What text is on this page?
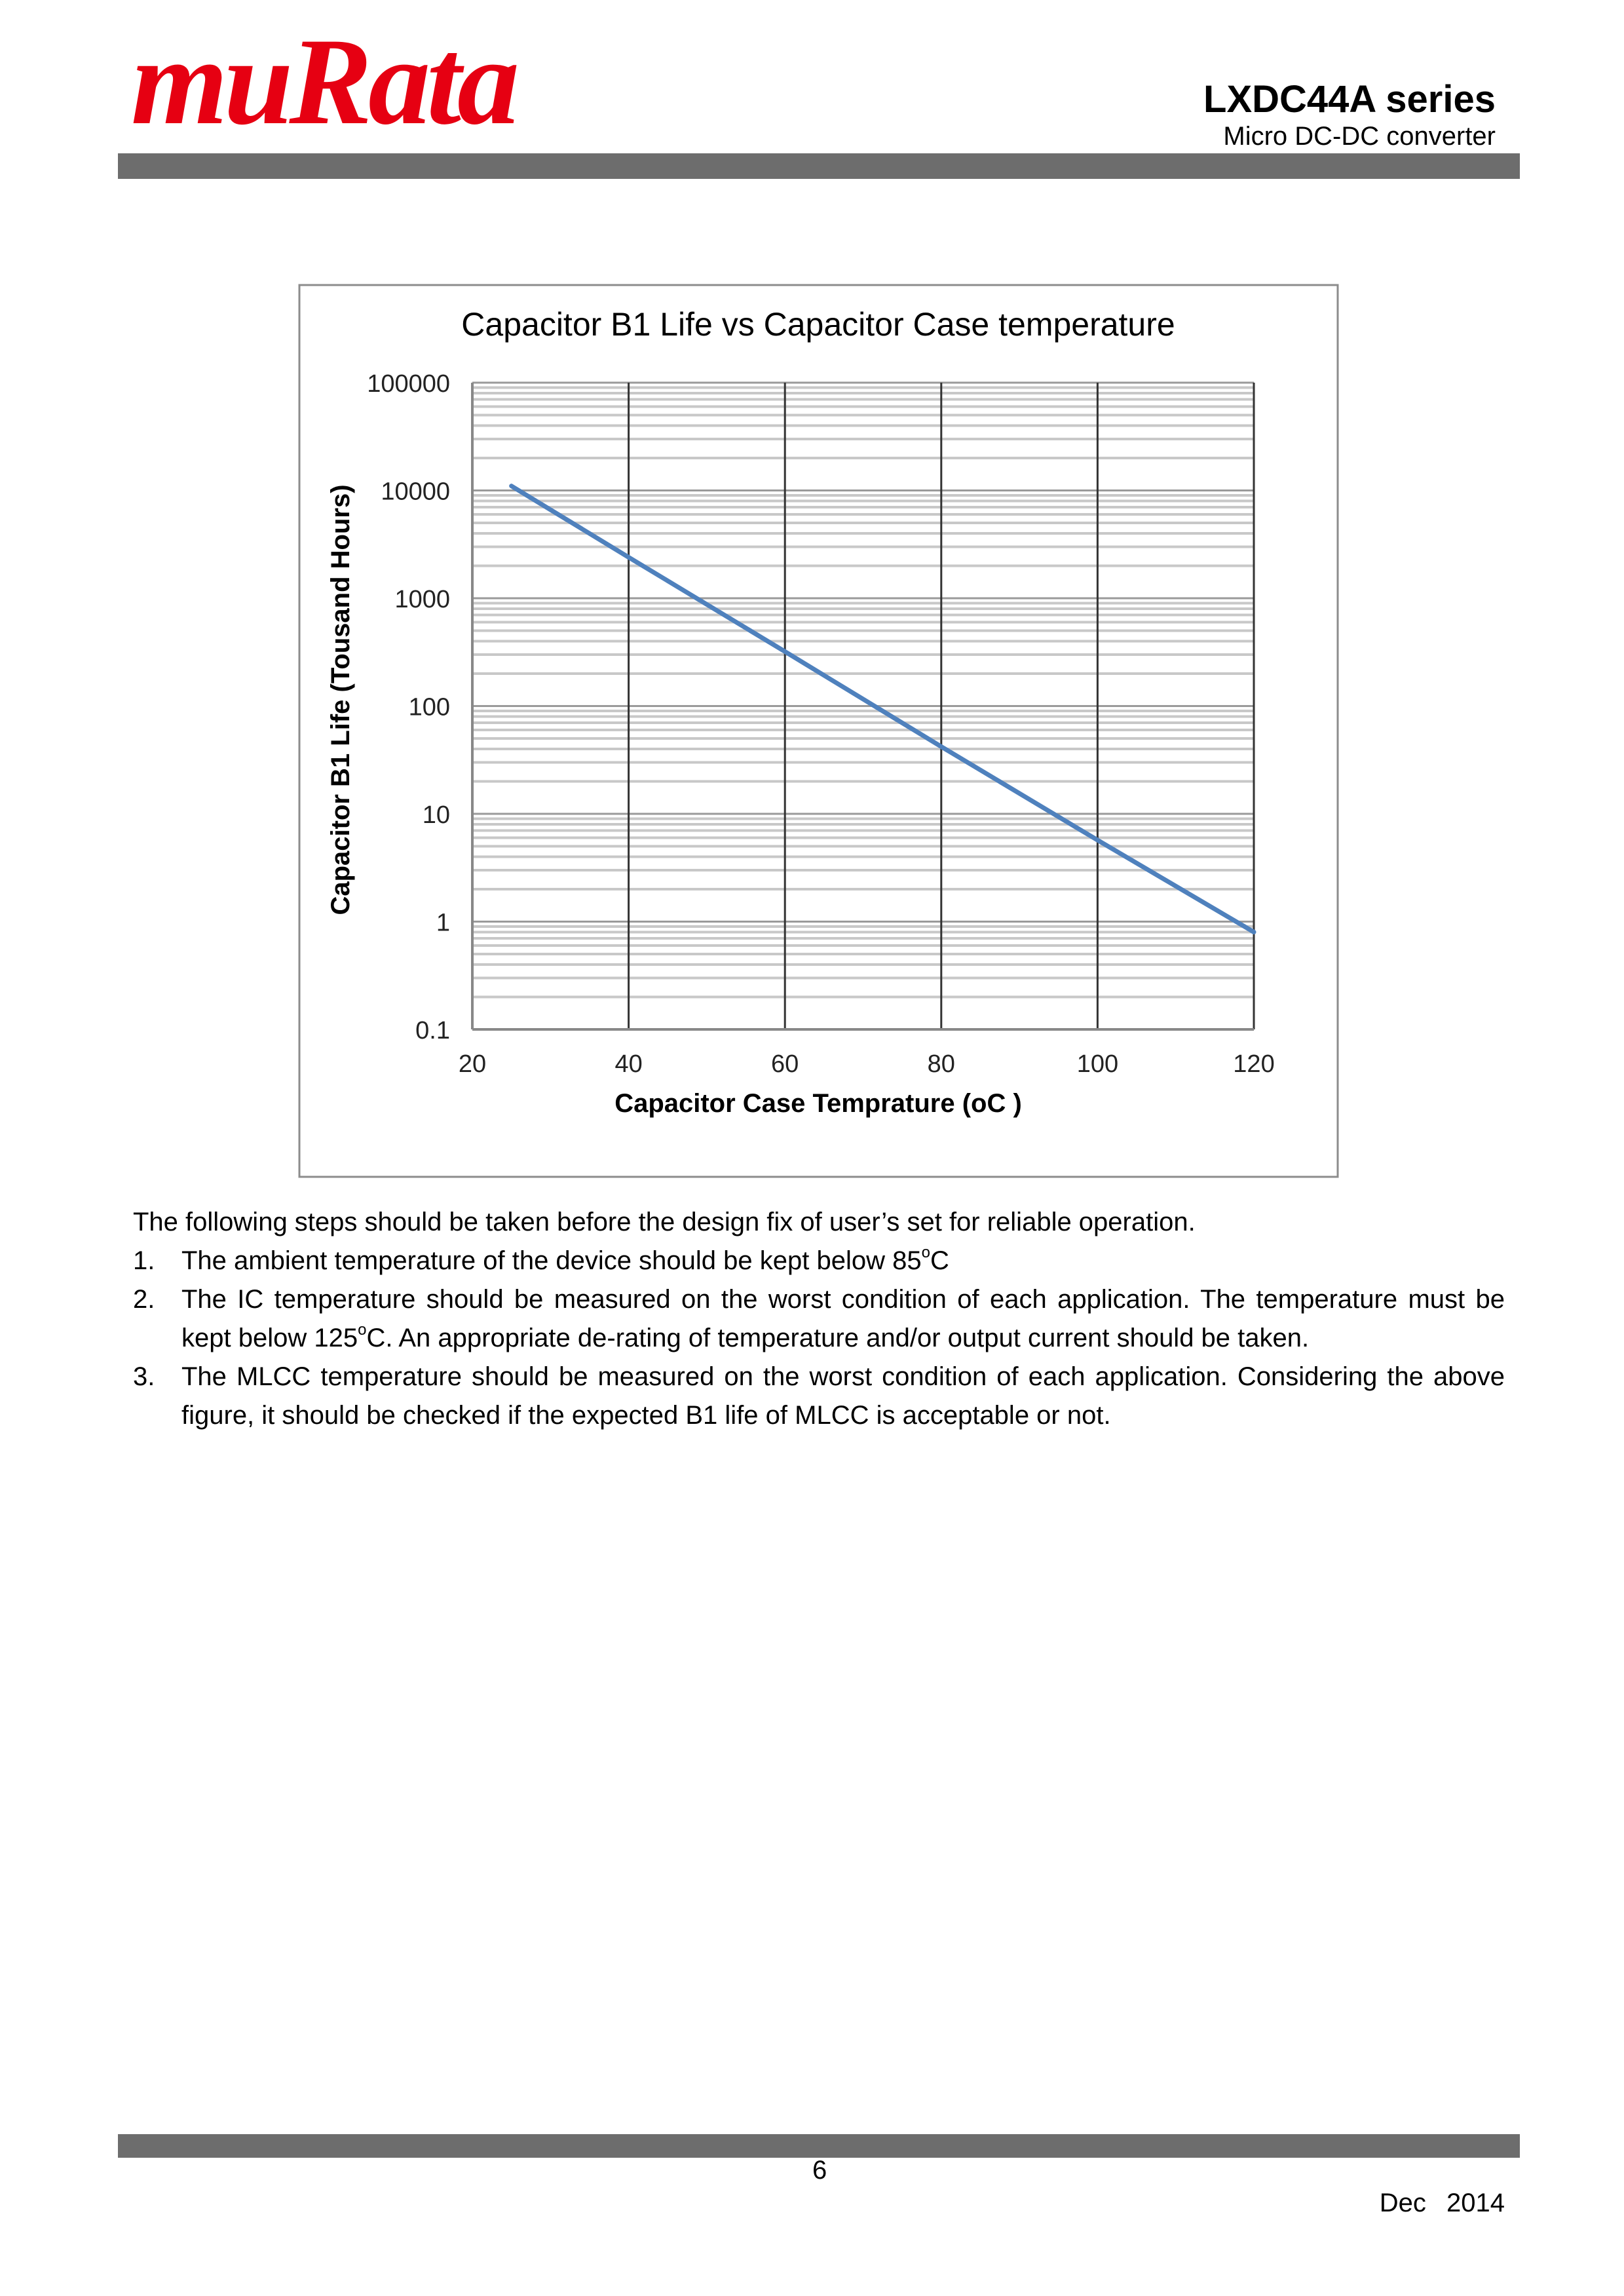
muRata	LXDC44A series
Micro DC-DC converter
Capacitor B1 Life vs Capacitor Case temperature
0.1
1
10
100
1000
10000
100000
20	40	60	80	100	120
Capacitor Case Temprature (oC )
Capacitor B1 Life (Tousand Hours)
The following steps should be taken before the design fix of user’s set for reliable operation.
1. The ambient temperature of the device should be kept below 85$^o$C
2. The IC temperature should be measured on the worst condition of each application. The temperature must be kept below 125$^o$C. An appropriate de-rating of temperature and/or output current should be taken.
3. The MLCC temperature should be measured on the worst condition of each application. Considering the above figure, it should be checked if the expected B1 life of MLCC is acceptable or not.
6
Dec 2014
